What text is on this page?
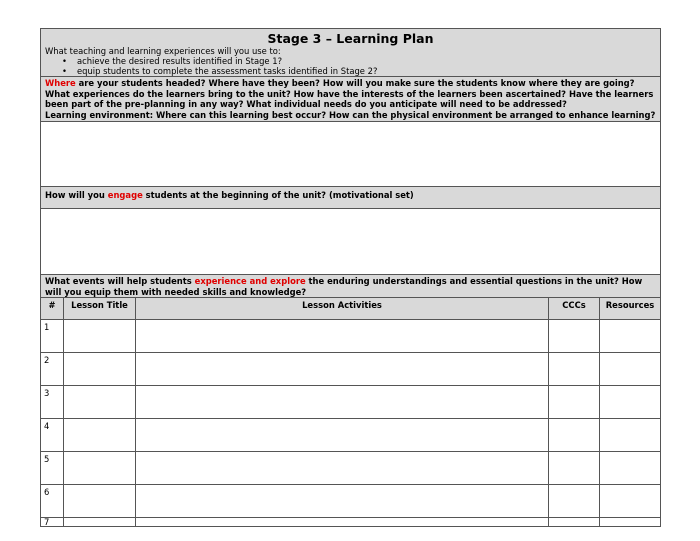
Stage 3 – Learning Plan
What teaching and learning experiences will you use to:
• achieve the desired results identified in Stage 1?
• equip students to complete the assessment tasks identified in Stage 2?
Where are your students headed? Where have they been? How will you make sure the students know where they are going?
What experiences do the learners bring to the unit? How have the interests of the learners been ascertained? Have the learners been part of the pre-planning in any way? What individual needs do you anticipate will need to be addressed?
Learning environment: Where can this learning best occur? How can the physical environment be arranged to enhance learning?
How will you engage students at the beginning of the unit? (motivational set)
What events will help students experience and explore the enduring understandings and essential questions in the unit? How will you equip them with needed skills and knowledge?
#	Lesson Title	Lesson Activities	CCCs	Resources
1
2
3
4
5
6
7
